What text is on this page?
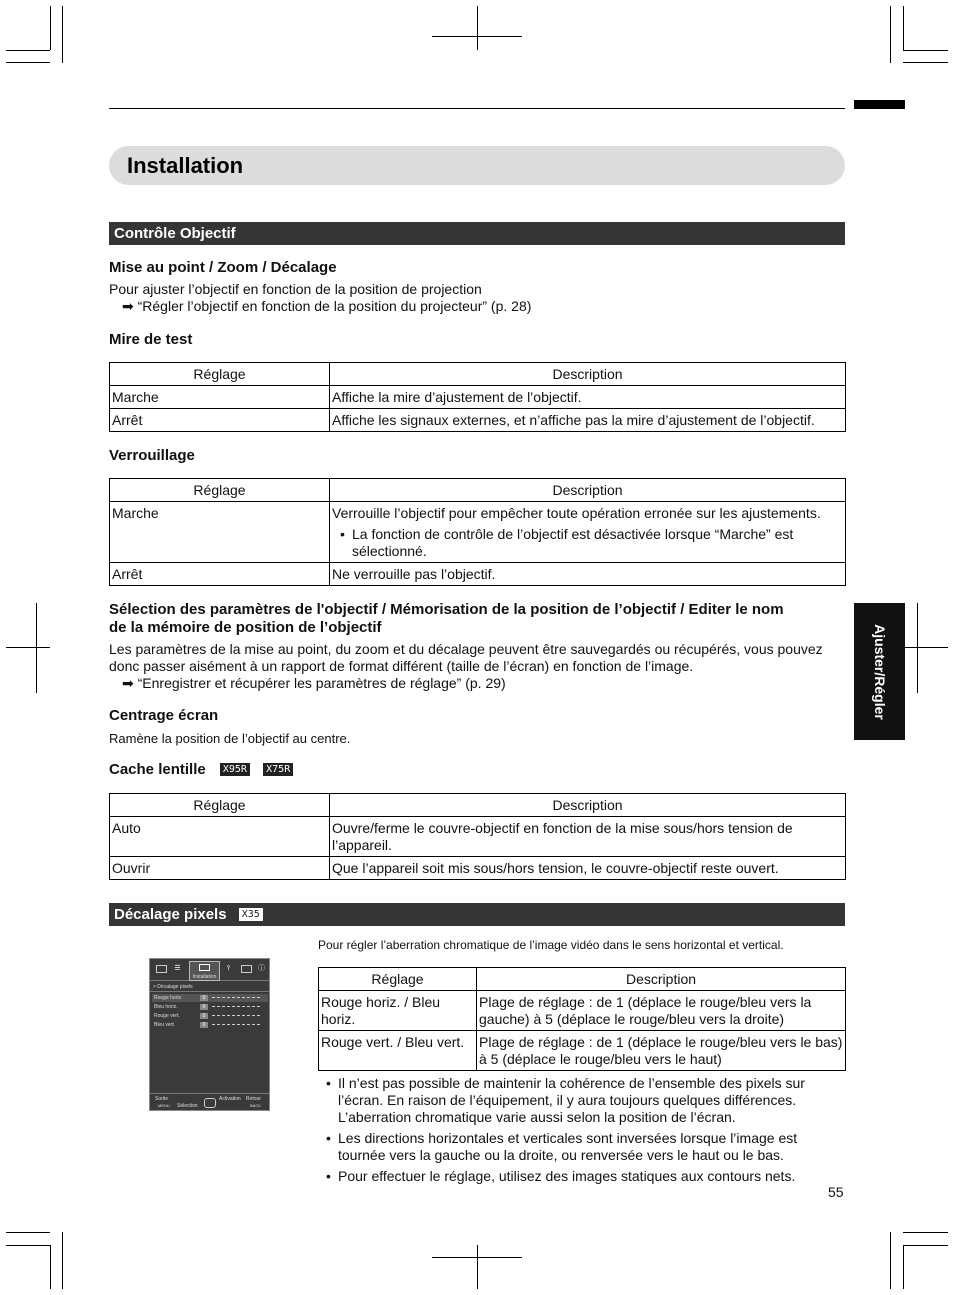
Installation
Ajuster/Régler
Contrôle Objectif
Mise au point / Zoom / Décalage
Pour ajuster l’objectif en fonction de la position de projection
➡ “Régler l’objectif en fonction de la position du projecteur” (p. 28)
Mire de test
Réglage	Description
Marche	Affiche la mire d’ajustement de l’objectif.
Arrêt	Affiche les signaux externes, et n’affiche pas la mire d’ajustement de l’objectif.
Verrouillage
Réglage	Description
Marche	Verrouille l’objectif pour empêcher toute opération erronée sur les ajustements.
• La fonction de contrôle de l’objectif est désactivée lorsque “Marche” est sélectionné.

Arrêt	Ne verrouille pas l’objectif.
Sélection des paramètres de l'objectif / Mémorisation de la position de l’objectif / Editer le nom
de la mémoire de position de l’objectif
Les paramètres de la mise au point, du zoom et du décalage peuvent être sauvegardés ou récupérés, vous pouvez
donc passer aisément à un rapport de format différent (taille de l’écran) en fonction de l’image.
➡ “Enregistrer et récupérer les paramètres de réglage” (p. 29)
Centrage écran
Ramène la position de l’objectif au centre.
Cache lentille X95R X75R
Réglage	Description
Auto	Ouvre/ferme le couvre-objectif en fonction de la mise sous/hors tension de l’appareil.
Ouvrir	Que l’appareil soit mis sous/hors tension, le couvre-objectif reste ouvert.
Décalage pixels X35
☰
Installation
⫯	ⓘ
> Décalage pixels
Rouge horiz.	0
Bleu horiz.	0
Rouge vert.	0
Bleu vert.	0
Sortie
MENU Sélection
Activation Retour
BACK
Pour régler l’aberration chromatique de l’image vidéo dans le sens horizontal et vertical.
Réglage	Description
Rouge horiz. / Bleu horiz.	Plage de réglage : de 1 (déplace le rouge/bleu vers la gauche) à 5 (déplace le rouge/bleu vers la droite)
Rouge vert. / Bleu vert.	Plage de réglage : de 1 (déplace le rouge/bleu vers le bas) à 5 (déplace le rouge/bleu vers le haut)
• Il n’est pas possible de maintenir la cohérence de l’ensemble des pixels sur l’écran. En raison de l’équipement, il y aura toujours quelques différences. L’aberration chromatique varie aussi selon la position de l’écran.
• Les directions horizontales et verticales sont inversées lorsque l’image est tournée vers la gauche ou la droite, ou renversée vers le haut ou le bas.
• Pour effectuer le réglage, utilisez des images statiques aux contours nets.
55
